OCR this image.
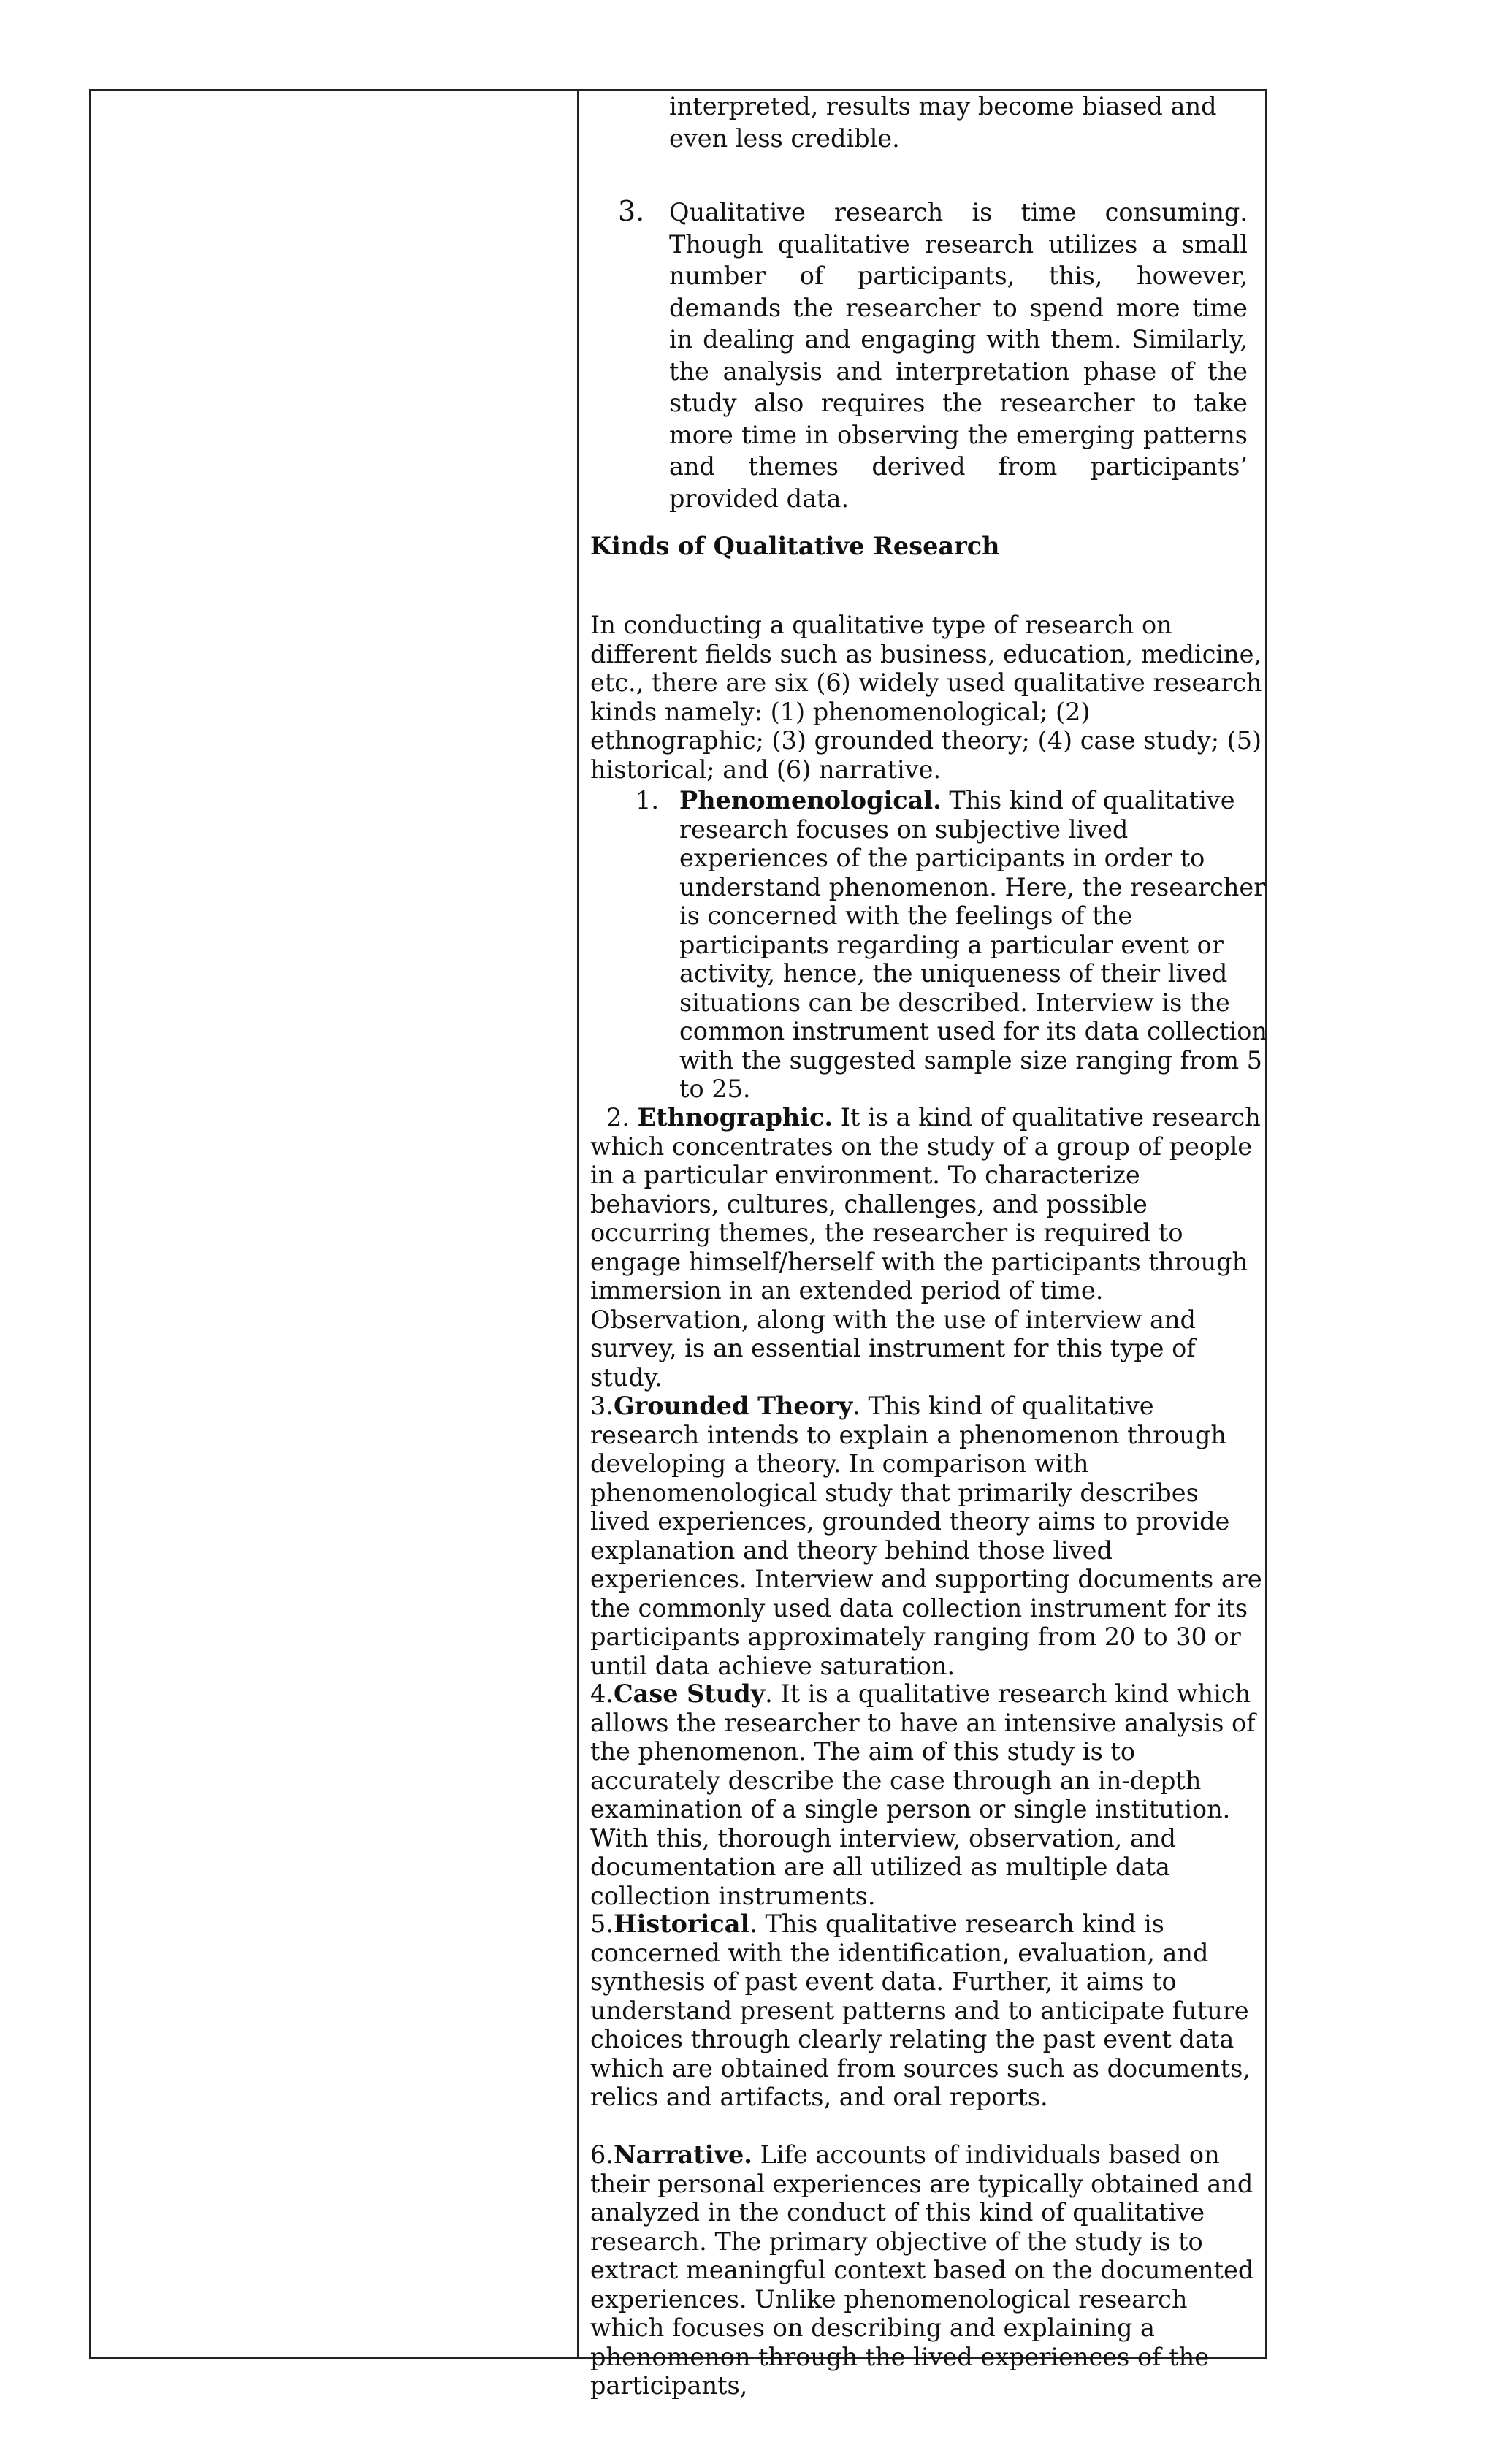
interpreted, results may become biased and even less credible.
3. Qualitative research is time consuming. Though qualitative research utilizes a small number of participants, this, however, demands the researcher to spend more time in dealing and engaging with them. Similarly, the analysis and interpretation phase of the study also requires the researcher to take more time in observing the emerging patterns and themes derived from participants’ provided data.
Kinds of Qualitative Research
In conducting a qualitative type of research on different fields such as business, education, medicine, etc., there are six (6) widely used qualitative research kinds namely: (1) phenomenological; (2) ethnographic; (3) grounded theory; (4) case study; (5) historical; and (6) narrative.
1. Phenomenological. This kind of qualitative research focuses on subjective lived experiences of the participants in order to understand phenomenon. Here, the researcher is concerned with the feelings of the participants regarding a particular event or activity, hence, the uniqueness of their lived situations can be described. Interview is the common instrument used for its data collection with the suggested sample size ranging from 5 to 25.
2. Ethnographic. It is a kind of qualitative research which concentrates on the study of a group of people in a particular environment. To characterize behaviors, cultures, challenges, and possible occurring themes, the researcher is required to engage himself/herself with the participants through immersion in an extended period of time. Observation, along with the use of interview and survey, is an essential instrument for this type of study.
3.Grounded Theory. This kind of qualitative research intends to explain a phenomenon through developing a theory. In comparison with phenomenological study that primarily describes lived experiences, grounded theory aims to provide explanation and theory behind those lived experiences. Interview and supporting documents are the commonly used data collection instrument for its participants approximately ranging from 20 to 30 or until data achieve saturation.
4.Case Study. It is a qualitative research kind which allows the researcher to have an intensive analysis of the phenomenon. The aim of this study is to accurately describe the case through an in-depth examination of a single person or single institution. With this, thorough interview, observation, and documentation are all utilized as multiple data collection instruments.
5.Historical. This qualitative research kind is concerned with the identification, evaluation, and synthesis of past event data. Further, it aims to understand present patterns and to anticipate future choices through clearly relating the past event data which are obtained from sources such as documents, relics and artifacts, and oral reports.
6.Narrative. Life accounts of individuals based on their personal experiences are typically obtained and analyzed in the conduct of this kind of qualitative research. The primary objective of the study is to extract meaningful context based on the documented experiences. Unlike phenomenological research which focuses on describing and explaining a phenomenon through the lived experiences of the participants,
